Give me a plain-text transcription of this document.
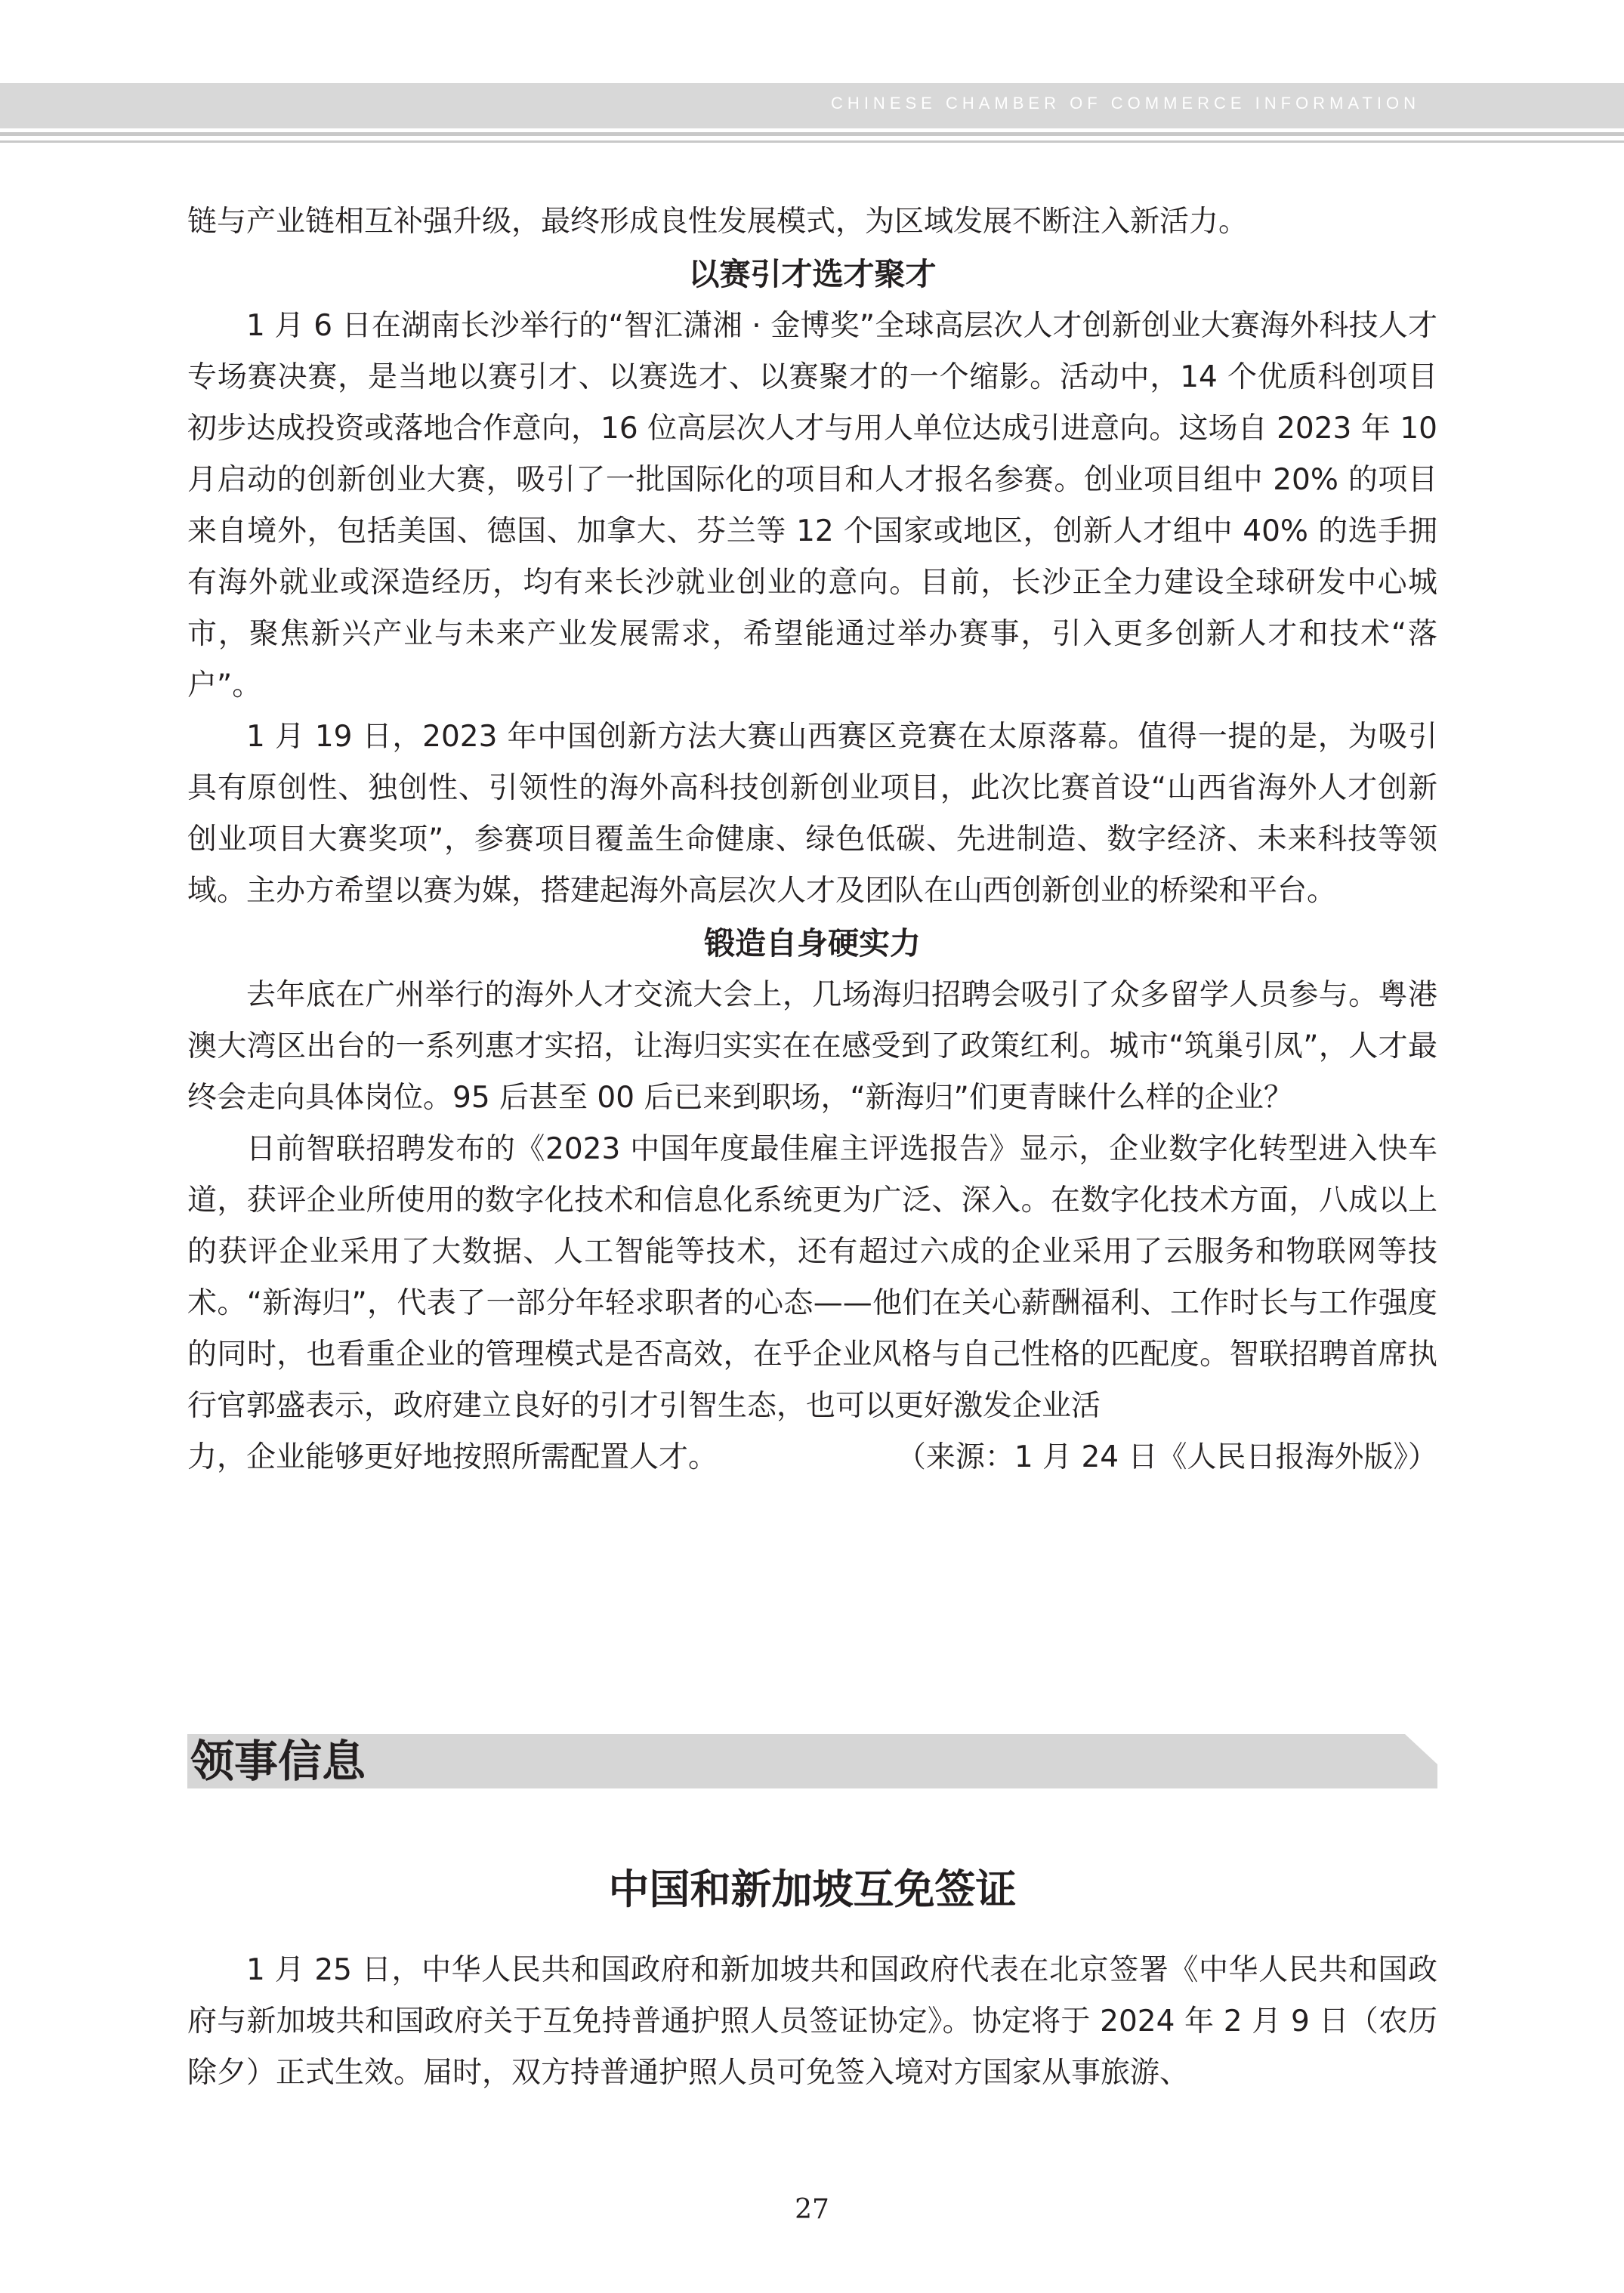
CHINESE CHAMBER OF COMMERCE INFORMATION

链与产业链相互补强升级，最终形成良性发展模式，为区域发展不断注入新活力。

以赛引才选才聚才

1 月 6 日在湖南长沙举行的“智汇潇湘 · 金博奖”全球高层次人才创新创业大赛海外科技人才专场赛决赛，是当地以赛引才、以赛选才、以赛聚才的一个缩影。活动中，14 个优质科创项目初步达成投资或落地合作意向，16 位高层次人才与用人单位达成引进意向。这场自 2023 年 10 月启动的创新创业大赛，吸引了一批国际化的项目和人才报名参赛。创业项目组中 20% 的项目来自境外，包括美国、德国、加拿大、芬兰等 12 个国家或地区，创新人才组中 40% 的选手拥有海外就业或深造经历，均有来长沙就业创业的意向。目前，长沙正全力建设全球研发中心城市，聚焦新兴产业与未来产业发展需求，希望能通过举办赛事，引入更多创新人才和技术“落户”。

1 月 19 日，2023 年中国创新方法大赛山西赛区竞赛在太原落幕。值得一提的是，为吸引具有原创性、独创性、引领性的海外高科技创新创业项目，此次比赛首设“山西省海外人才创新创业项目大赛奖项”，参赛项目覆盖生命健康、绿色低碳、先进制造、数字经济、未来科技等领域。主办方希望以赛为媒，搭建起海外高层次人才及团队在山西创新创业的桥梁和平台。

锻造自身硬实力

去年底在广州举行的海外人才交流大会上，几场海归招聘会吸引了众多留学人员参与。粤港澳大湾区出台的一系列惠才实招，让海归实实在在感受到了政策红利。城市“筑巢引凤”，人才最终会走向具体岗位。95 后甚至 00 后已来到职场，“新海归”们更青睐什么样的企业？

日前智联招聘发布的《2023 中国年度最佳雇主评选报告》显示，企业数字化转型进入快车道，获评企业所使用的数字化技术和信息化系统更为广泛、深入。在数字化技术方面，八成以上的获评企业采用了大数据、人工智能等技术，还有超过六成的企业采用了云服务和物联网等技术。“新海归”，代表了一部分年轻求职者的心态——他们在关心薪酬福利、工作时长与工作强度的同时，也看重企业的管理模式是否高效，在乎企业风格与自己性格的匹配度。智联招聘首席执行官郭盛表示，政府建立良好的引才引智生态，也可以更好激发企业活

力，企业能够更好地按照所需配置人才。	（来源：1 月 24 日《人民日报海外版》）
领事信息
中国和新加坡互免签证

1 月 25 日，中华人民共和国政府和新加坡共和国政府代表在北京签署《中华人民共和国政府与新加坡共和国政府关于互免持普通护照人员签证协定》。协定将于 2024 年 2 月 9 日（农历除夕）正式生效。届时，双方持普通护照人员可免签入境对方国家从事旅游、

27
